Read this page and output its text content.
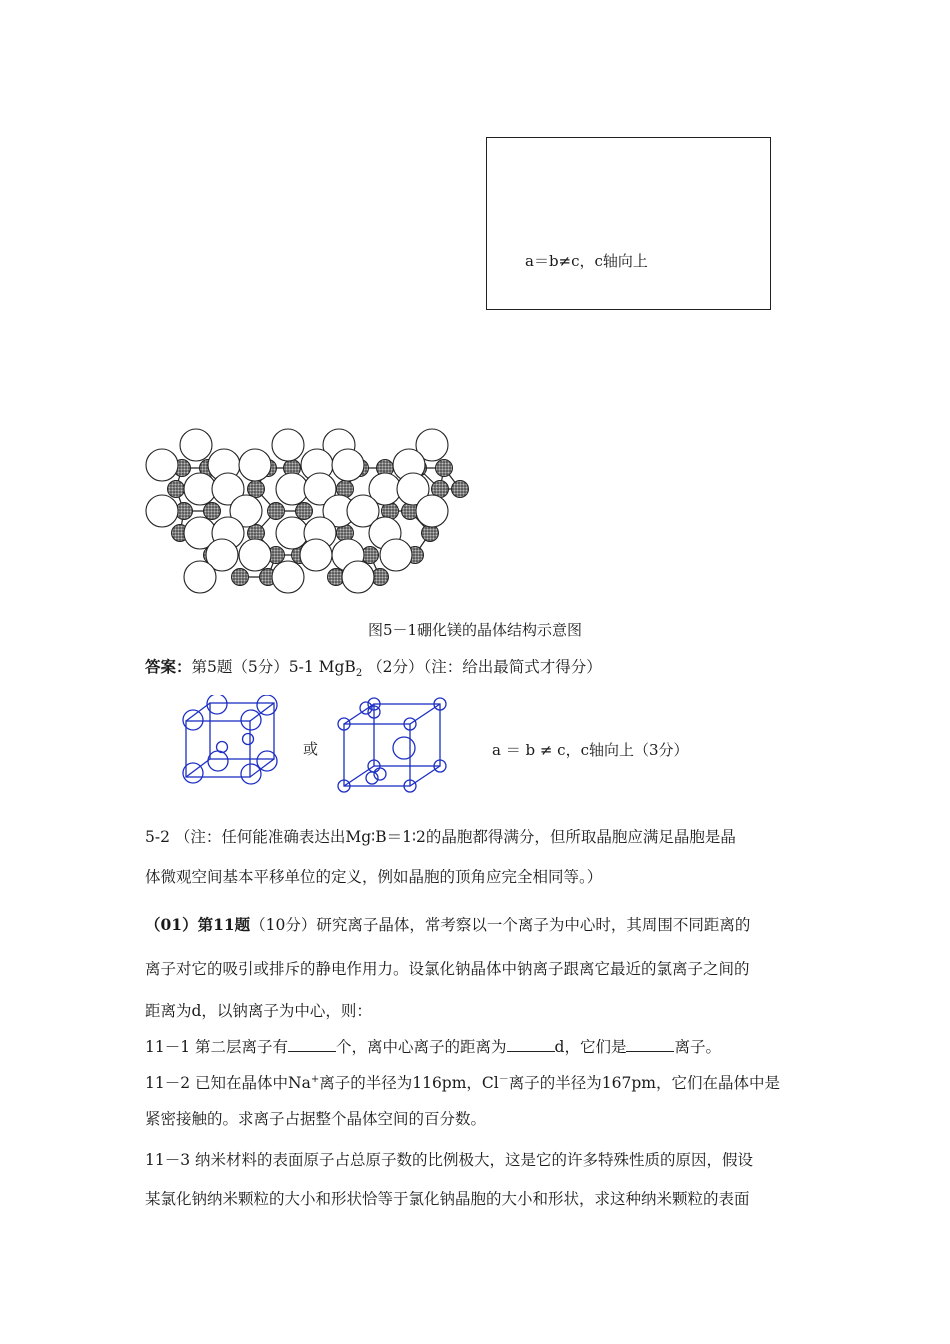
a＝b≠c，c轴向上
图5－1硼化镁的晶体结构示意图
答案：第5题（5分）5-1 MgB$_2$ （2分）（注：给出最简式才得分）
或	a ＝ b ≠ c，c轴向上（3分）
5-2 （注：任何能准确表达出Mg∶B＝1∶2的晶胞都得满分，但所取晶胞应满足晶胞是晶
体微观空间基本平移单位的定义，例如晶胞的顶角应完全相同等。）
（01）第11题（10分）研究离子晶体，常考察以一个离子为中心时，其周围不同距离的
离子对它的吸引或排斥的静电作用力。设氯化钠晶体中钠离子跟离它最近的氯离子之间的
距离为d，以钠离子为中心，则：
11－1 第二层离子有	个，离中心离子的距离为	d，它们是	离子。
11－2 已知在晶体中Na+离子的半径为116pm，Cl－离子的半径为167pm，它们在晶体中是
紧密接触的。求离子占据整个晶体空间的百分数。
11－3 纳米材料的表面原子占总原子数的比例极大，这是它的许多特殊性质的原因，假设
某氯化钠纳米颗粒的大小和形状恰等于氯化钠晶胞的大小和形状，求这种纳米颗粒的表面
